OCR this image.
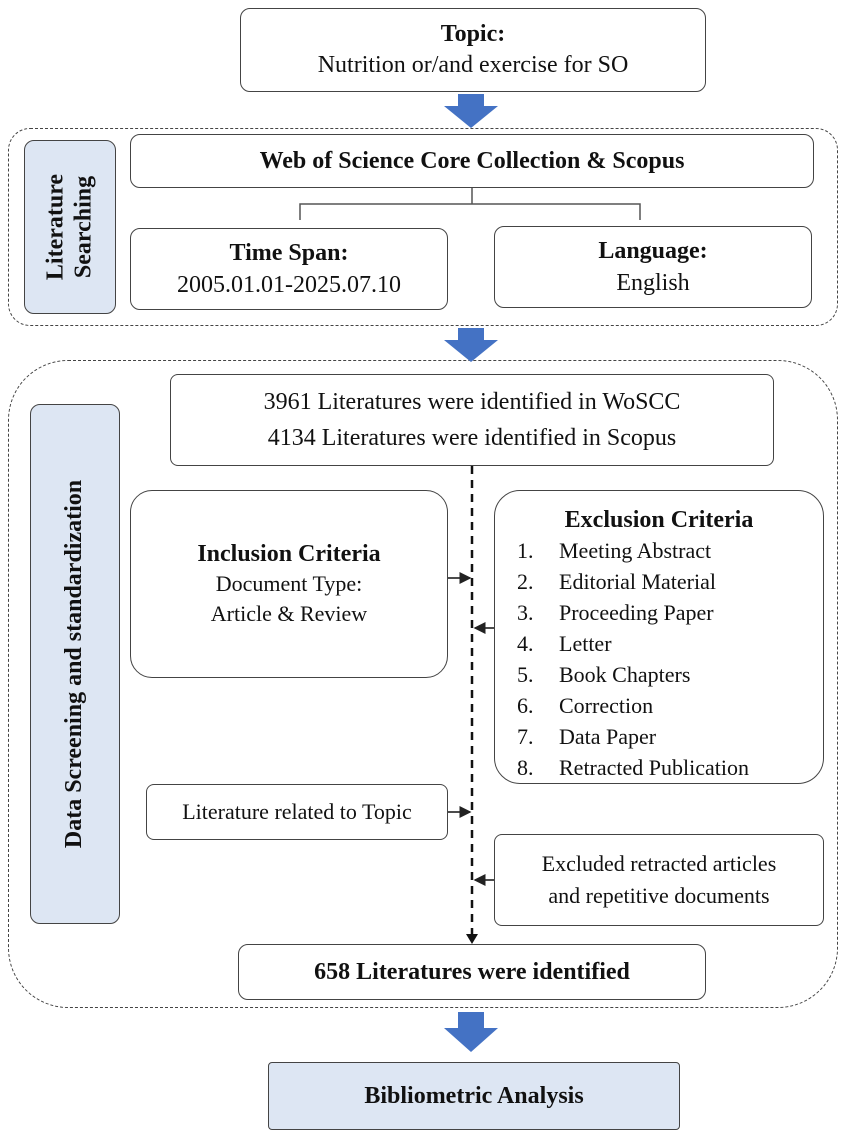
Topic:
Nutrition or/and exercise for SO
Literature Searching
Web of Science Core Collection & Scopus
Time Span:
2005.01.01-2025.07.10
Language:
English
Data Screening and standardization
3961 Literatures were identified in WoSCC
4134 Literatures were identified in Scopus
Inclusion Criteria
Document Type:
Article & Review
Exclusion Criteria
1.	Meeting Abstract
2.	Editorial Material
3.	Proceeding Paper
4.	Letter
5.	Book Chapters
6.	Correction
7.	Data Paper
8.	Retracted Publication
Literature related to Topic
Excluded retracted articles
and repetitive documents
658 Literatures were identified
Bibliometric Analysis
